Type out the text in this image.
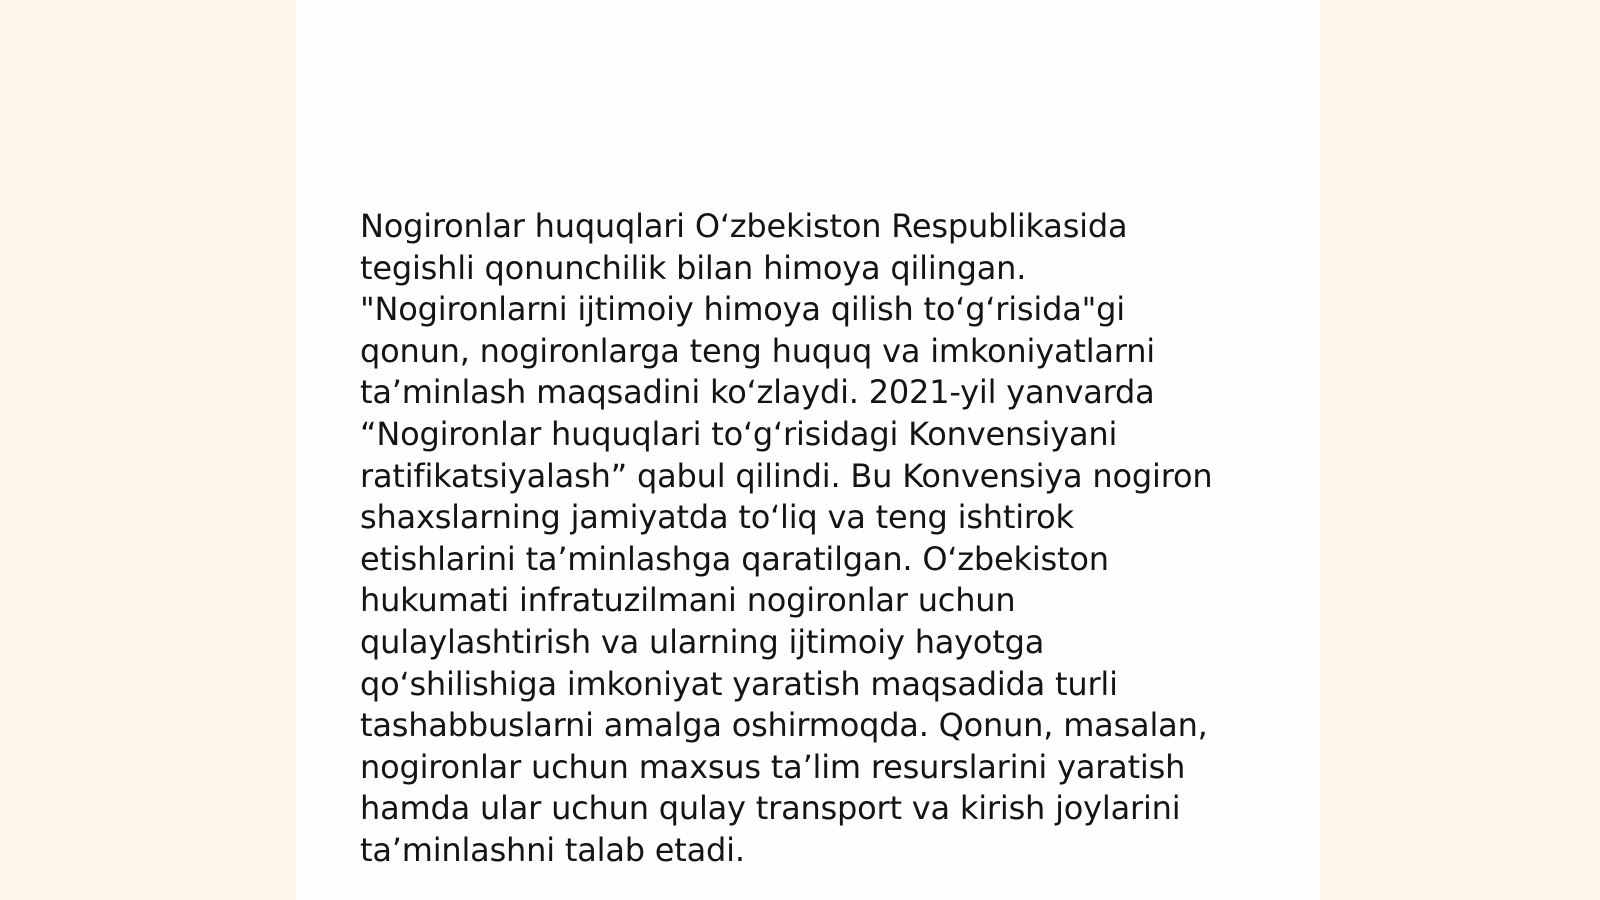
Nogironlar huquqlari O‘zbekiston Respublikasida
tegishli qonunchilik bilan himoya qilingan.
"Nogironlarni ijtimoiy himoya qilish to‘g‘risida"gi
qonun, nogironlarga teng huquq va imkoniyatlarni
ta’minlash maqsadini ko‘zlaydi. 2021-yil yanvarda
“Nogironlar huquqlari to‘g‘risidagi Konvensiyani
ratifikatsiyalash” qabul qilindi. Bu Konvensiya nogiron
shaxslarning jamiyatda to‘liq va teng ishtirok
etishlarini ta’minlashga qaratilgan. O‘zbekiston
hukumati infratuzilmani nogironlar uchun
qulaylashtirish va ularning ijtimoiy hayotga
qo‘shilishiga imkoniyat yaratish maqsadida turli
tashabbuslarni amalga oshirmoqda. Qonun, masalan,
nogironlar uchun maxsus ta’lim resurslarini yaratish
hamda ular uchun qulay transport va kirish joylarini
ta’minlashni talab etadi.
